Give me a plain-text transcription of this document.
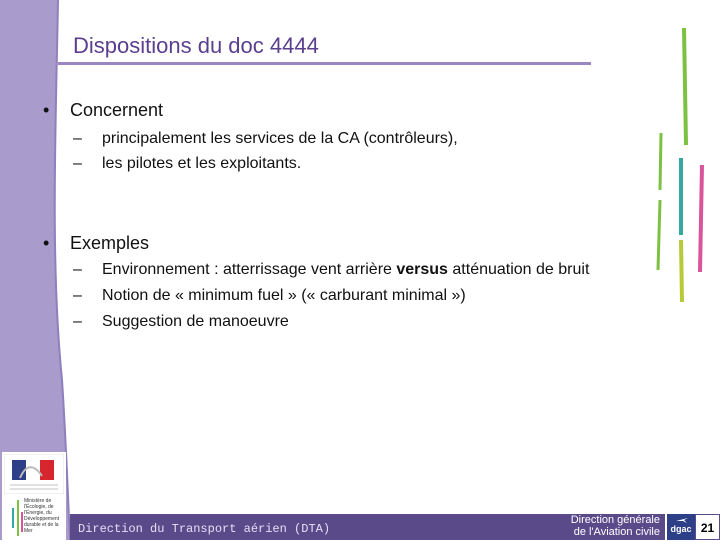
Dispositions du doc 4444
• Concernent
– principalement les services de la CA (contrôleurs),
– les pilotes et les exploitants.
• Exemples
– Environnement : atterrissage vent arrière versus atténuation de bruit
– Notion de « minimum fuel » (« carburant minimal »)
– Suggestion de manoeuvre
Ministère de l'Écologie, de l'Énergie, du Développement durable et de la Mer	Direction du Transport aérien (DTA)
Direction générale
de l'Aviation civile	dgac 21
